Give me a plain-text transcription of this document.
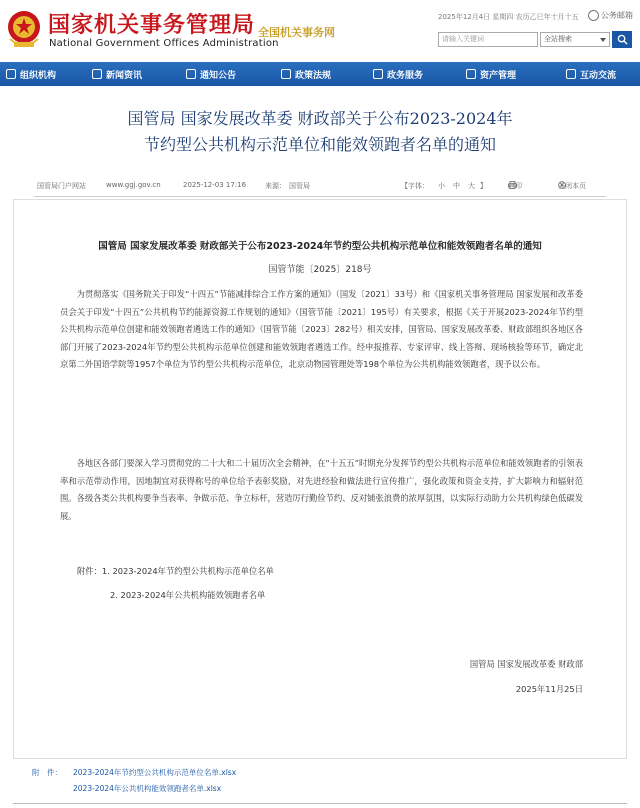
国家机关事务管理局
National Government Offices Administration
全国机关事务网
2025年12月4日 星期四 农历乙巳年十月十五	公务邮箱
请输入关键词	全站搜索
组织机构	新闻资讯	通知公告	政策法规	政务服务	资产管理	互动交流
国管局 国家发展改革委 财政部关于公布2023-2024年
节约型公共机构示范单位和能效领跑者名单的通知
国管局门户网站	www.ggj.gov.cn	2025-12-03 17:16	来源： 国管局	【字体： 小 中 大 】	打印	关闭本页
国管局 国家发展改革委 财政部关于公布2023-2024年节约型公共机构示范单位和能效领跑者名单的通知
国管节能〔2025〕218号
为贯彻落实《国务院关于印发“十四五”节能减排综合工作方案的通知》（国发〔2021〕33号）和《国家机关事务管理局 国家发展和改革委员会关于印发“十四五”公共机构节约能源资源工作规划的通知》（国管节能〔2021〕195号）有关要求，根据《关于开展2023-2024年节约型公共机构示范单位创建和能效领跑者遴选工作的通知》（国管节能〔2023〕282号）相关安排，国管局、国家发展改革委、财政部组织各地区各部门开展了2023-2024年节约型公共机构示范单位创建和能效领跑者遴选工作。经申报推荐、专家评审、线上答辩、现场核验等环节，确定北京第二外国语学院等1957个单位为节约型公共机构示范单位，北京动物园管理处等198个单位为公共机构能效领跑者，现予以公布。
各地区各部门要深入学习贯彻党的二十大和二十届历次全会精神，在“十五五”时期充分发挥节约型公共机构示范单位和能效领跑者的引领表率和示范带动作用，因地制宜对获得称号的单位给予表彰奖励，对先进经验和做法进行宣传推广，强化政策和资金支持，扩大影响力和辐射范围。各级各类公共机构要争当表率、争做示范、争立标杆，营造厉行勤俭节约、反对铺张浪费的浓厚氛围，以实际行动助力公共机构绿色低碳发展。
附件：1. 2023-2024年节约型公共机构示范单位名单
2. 2023-2024年公共机构能效领跑者名单
国管局 国家发展改革委 财政部
2025年11月25日
附　件： 2023-2024年节约型公共机构示范单位名单.xlsx
2023-2024年公共机构能效领跑者名单.xlsx
